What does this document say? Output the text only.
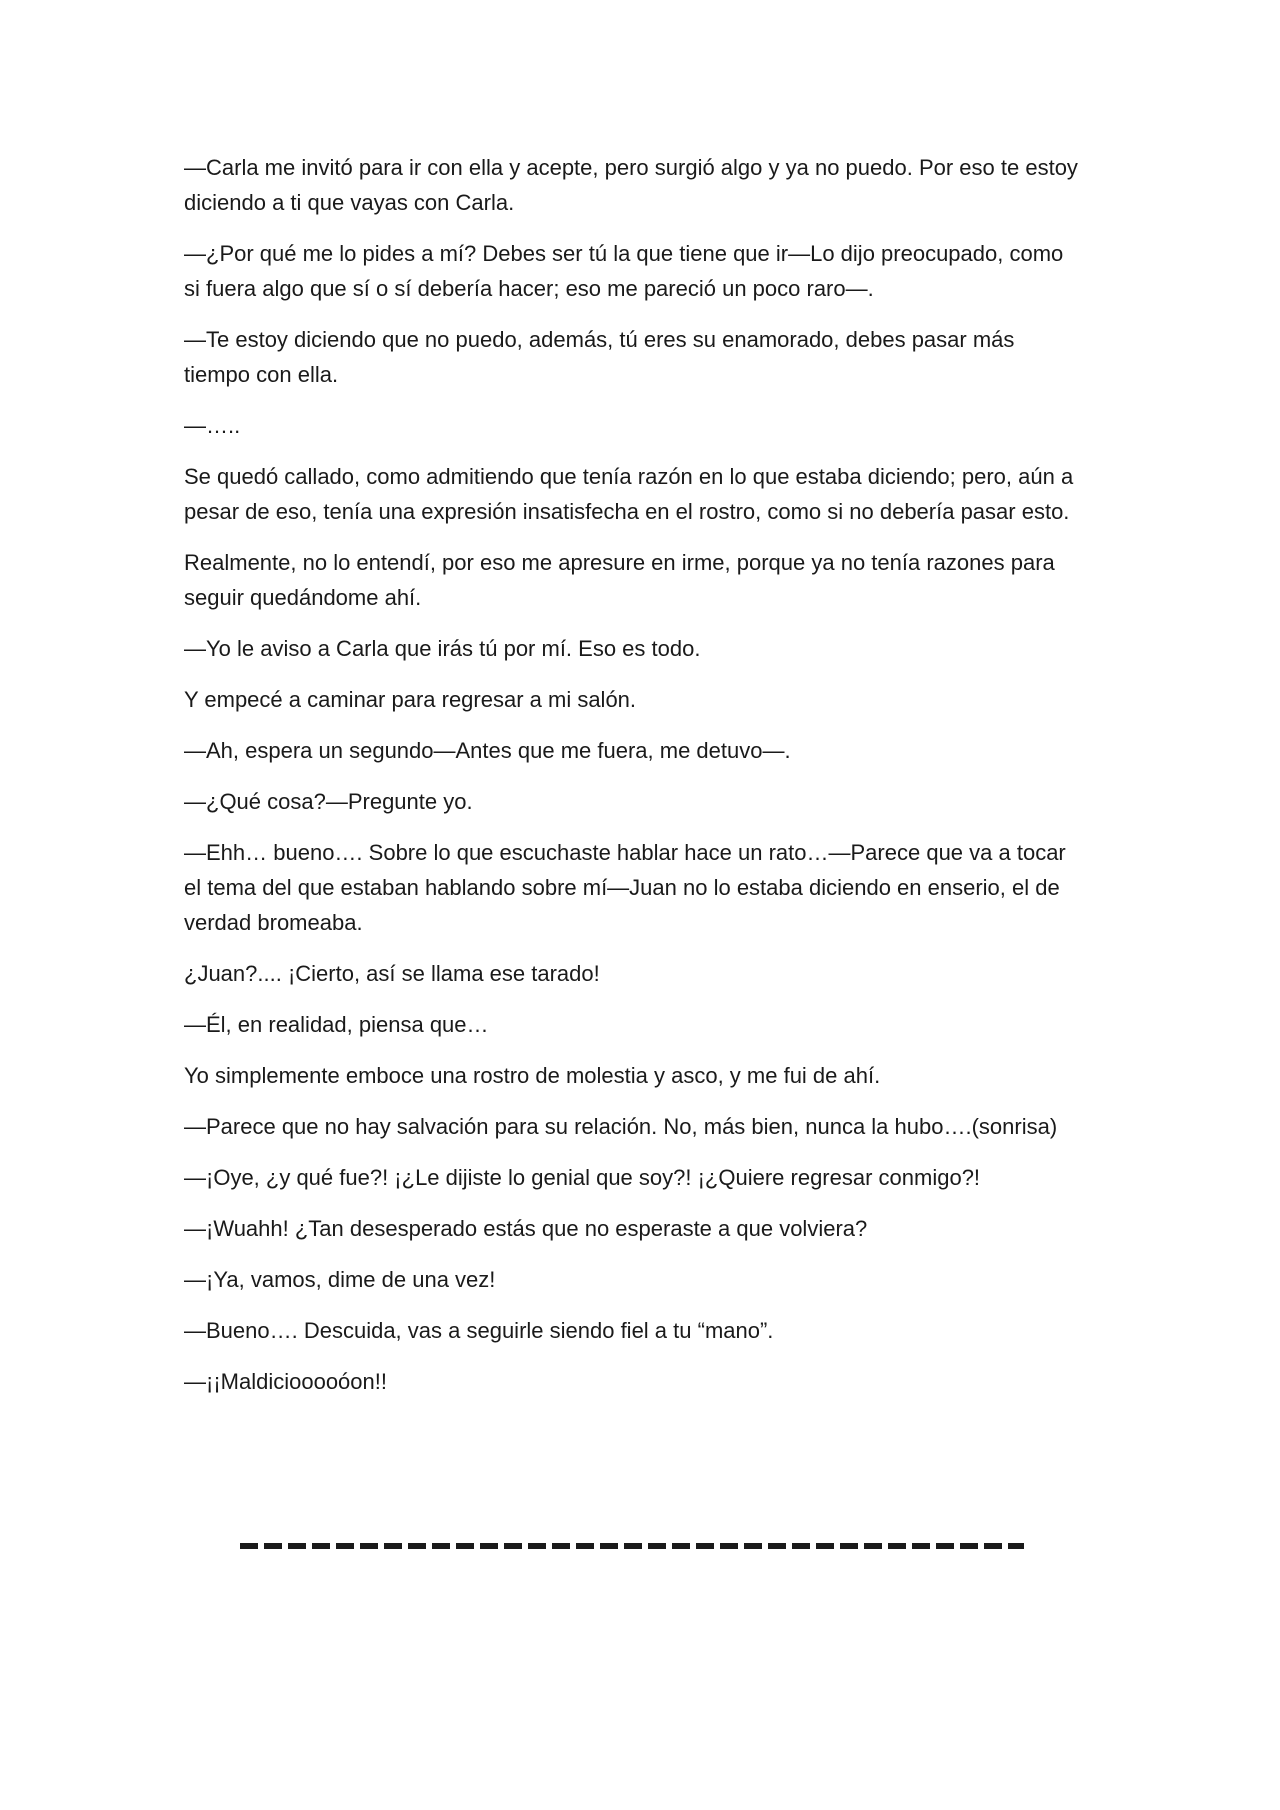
—Carla me invitó para ir con ella y acepte, pero surgió algo y ya no puedo. Por eso te estoy diciendo a ti que vayas con Carla.

—¿Por qué me lo pides a mí? Debes ser tú la que tiene que ir—Lo dijo preocupado, como si fuera algo que sí o sí debería hacer; eso me pareció un poco raro—.

—Te estoy diciendo que no puedo, además, tú eres su enamorado, debes pasar más tiempo con ella.

—…..

Se quedó callado, como admitiendo que tenía razón en lo que estaba diciendo; pero, aún a pesar de eso, tenía una expresión insatisfecha en el rostro, como si no debería pasar esto.

Realmente, no lo entendí, por eso me apresure en irme, porque ya no tenía razones para seguir quedándome ahí.

—Yo le aviso a Carla que irás tú por mí. Eso es todo.

Y empecé a caminar para regresar a mi salón.

—Ah, espera un segundo—Antes que me fuera, me detuvo—.

—¿Qué cosa?—Pregunte yo.

—Ehh… bueno…. Sobre lo que escuchaste hablar hace un rato…—Parece que va a tocar el tema del que estaban hablando sobre mí—Juan no lo estaba diciendo en enserio, el de verdad bromeaba.

¿Juan?.... ¡Cierto, así se llama ese tarado!

—Él, en realidad, piensa que…

Yo simplemente emboce una rostro de molestia y asco, y me fui de ahí.

—Parece que no hay salvación para su relación. No, más bien, nunca la hubo….(sonrisa)

—¡Oye, ¿y qué fue?! ¡¿Le dijiste lo genial que soy?! ¡¿Quiere regresar conmigo?!

—¡Wuahh! ¿Tan desesperado estás que no esperaste a que volviera?

—¡Ya, vamos, dime de una vez!

—Bueno…. Descuida, vas a seguirle siendo fiel a tu “mano”.

—¡¡Maldiciooooóon!!
